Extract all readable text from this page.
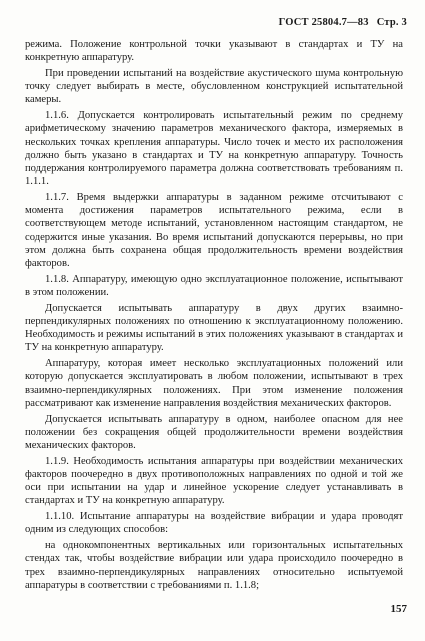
ГОСТ 25804.7—83 Стр. 3

режима. Положение контрольной точки указывают в стандартах и ТУ на конкретную аппаратуру.

При проведении испытаний на воздействие акустического шума контрольную точку следует выбирать в месте, обусловленном конструкцией испытательной камеры.

1.1.6. Допускается контролировать испытательный режим по среднему арифметическому значению параметров механического фактора, измеряемых в нескольких точках крепления аппаратуры. Число точек и место их расположения должно быть указано в стандартах и ТУ на конкретную аппаратуру. Точность поддержания контролируемого параметра должна соответствовать требованиям п. 1.1.1.

1.1.7. Время выдержки аппаратуры в заданном режиме отсчитывают с момента достижения параметров испытательного режима, если в соответствующем методе испытаний, установленном настоящим стандартом, не содержится иные указания. Во время испытаний допускаются перерывы, но при этом должна быть сохранена общая продолжительность времени воздействия факторов.

1.1.8. Аппаратуру, имеющую одно эксплуатационное положение, испытывают в этом положении.

Допускается испытывать аппаратуру в двух других взаимно-перпендикулярных положениях по отношению к эксплуатационному положению. Необходимость и режимы испытаний в этих положениях указывают в стандартах и ТУ на конкретную аппаратуру.

Аппаратуру, которая имеет несколько эксплуатационных положений или которую допускается эксплуатировать в любом положении, испытывают в трех взаимно-перпендикулярных положениях. При этом изменение положения рассматривают как изменение направления воздействия механических факторов.

Допускается испытывать аппаратуру в одном, наиболее опасном для нее положении без сокращения общей продолжительности времени воздействия механических факторов.

1.1.9. Необходимость испытания аппаратуры при воздействии механических факторов поочередно в двух противоположных направлениях по одной и той же оси при испытании на удар и линейное ускорение следует устанавливать в стандартах и ТУ на конкретную аппаратуру.

1.1.10. Испытание аппаратуры на воздействие вибрации и удара проводят одним из следующих способов:

на однокомпонентных вертикальных или горизонтальных испытательных стендах так, чтобы воздействие вибрации или удара происходило поочередно в трех взаимно-перпендикулярных направлениях относительно испытуемой аппаратуры в соответствии с требованиями п. 1.1.8;

157
